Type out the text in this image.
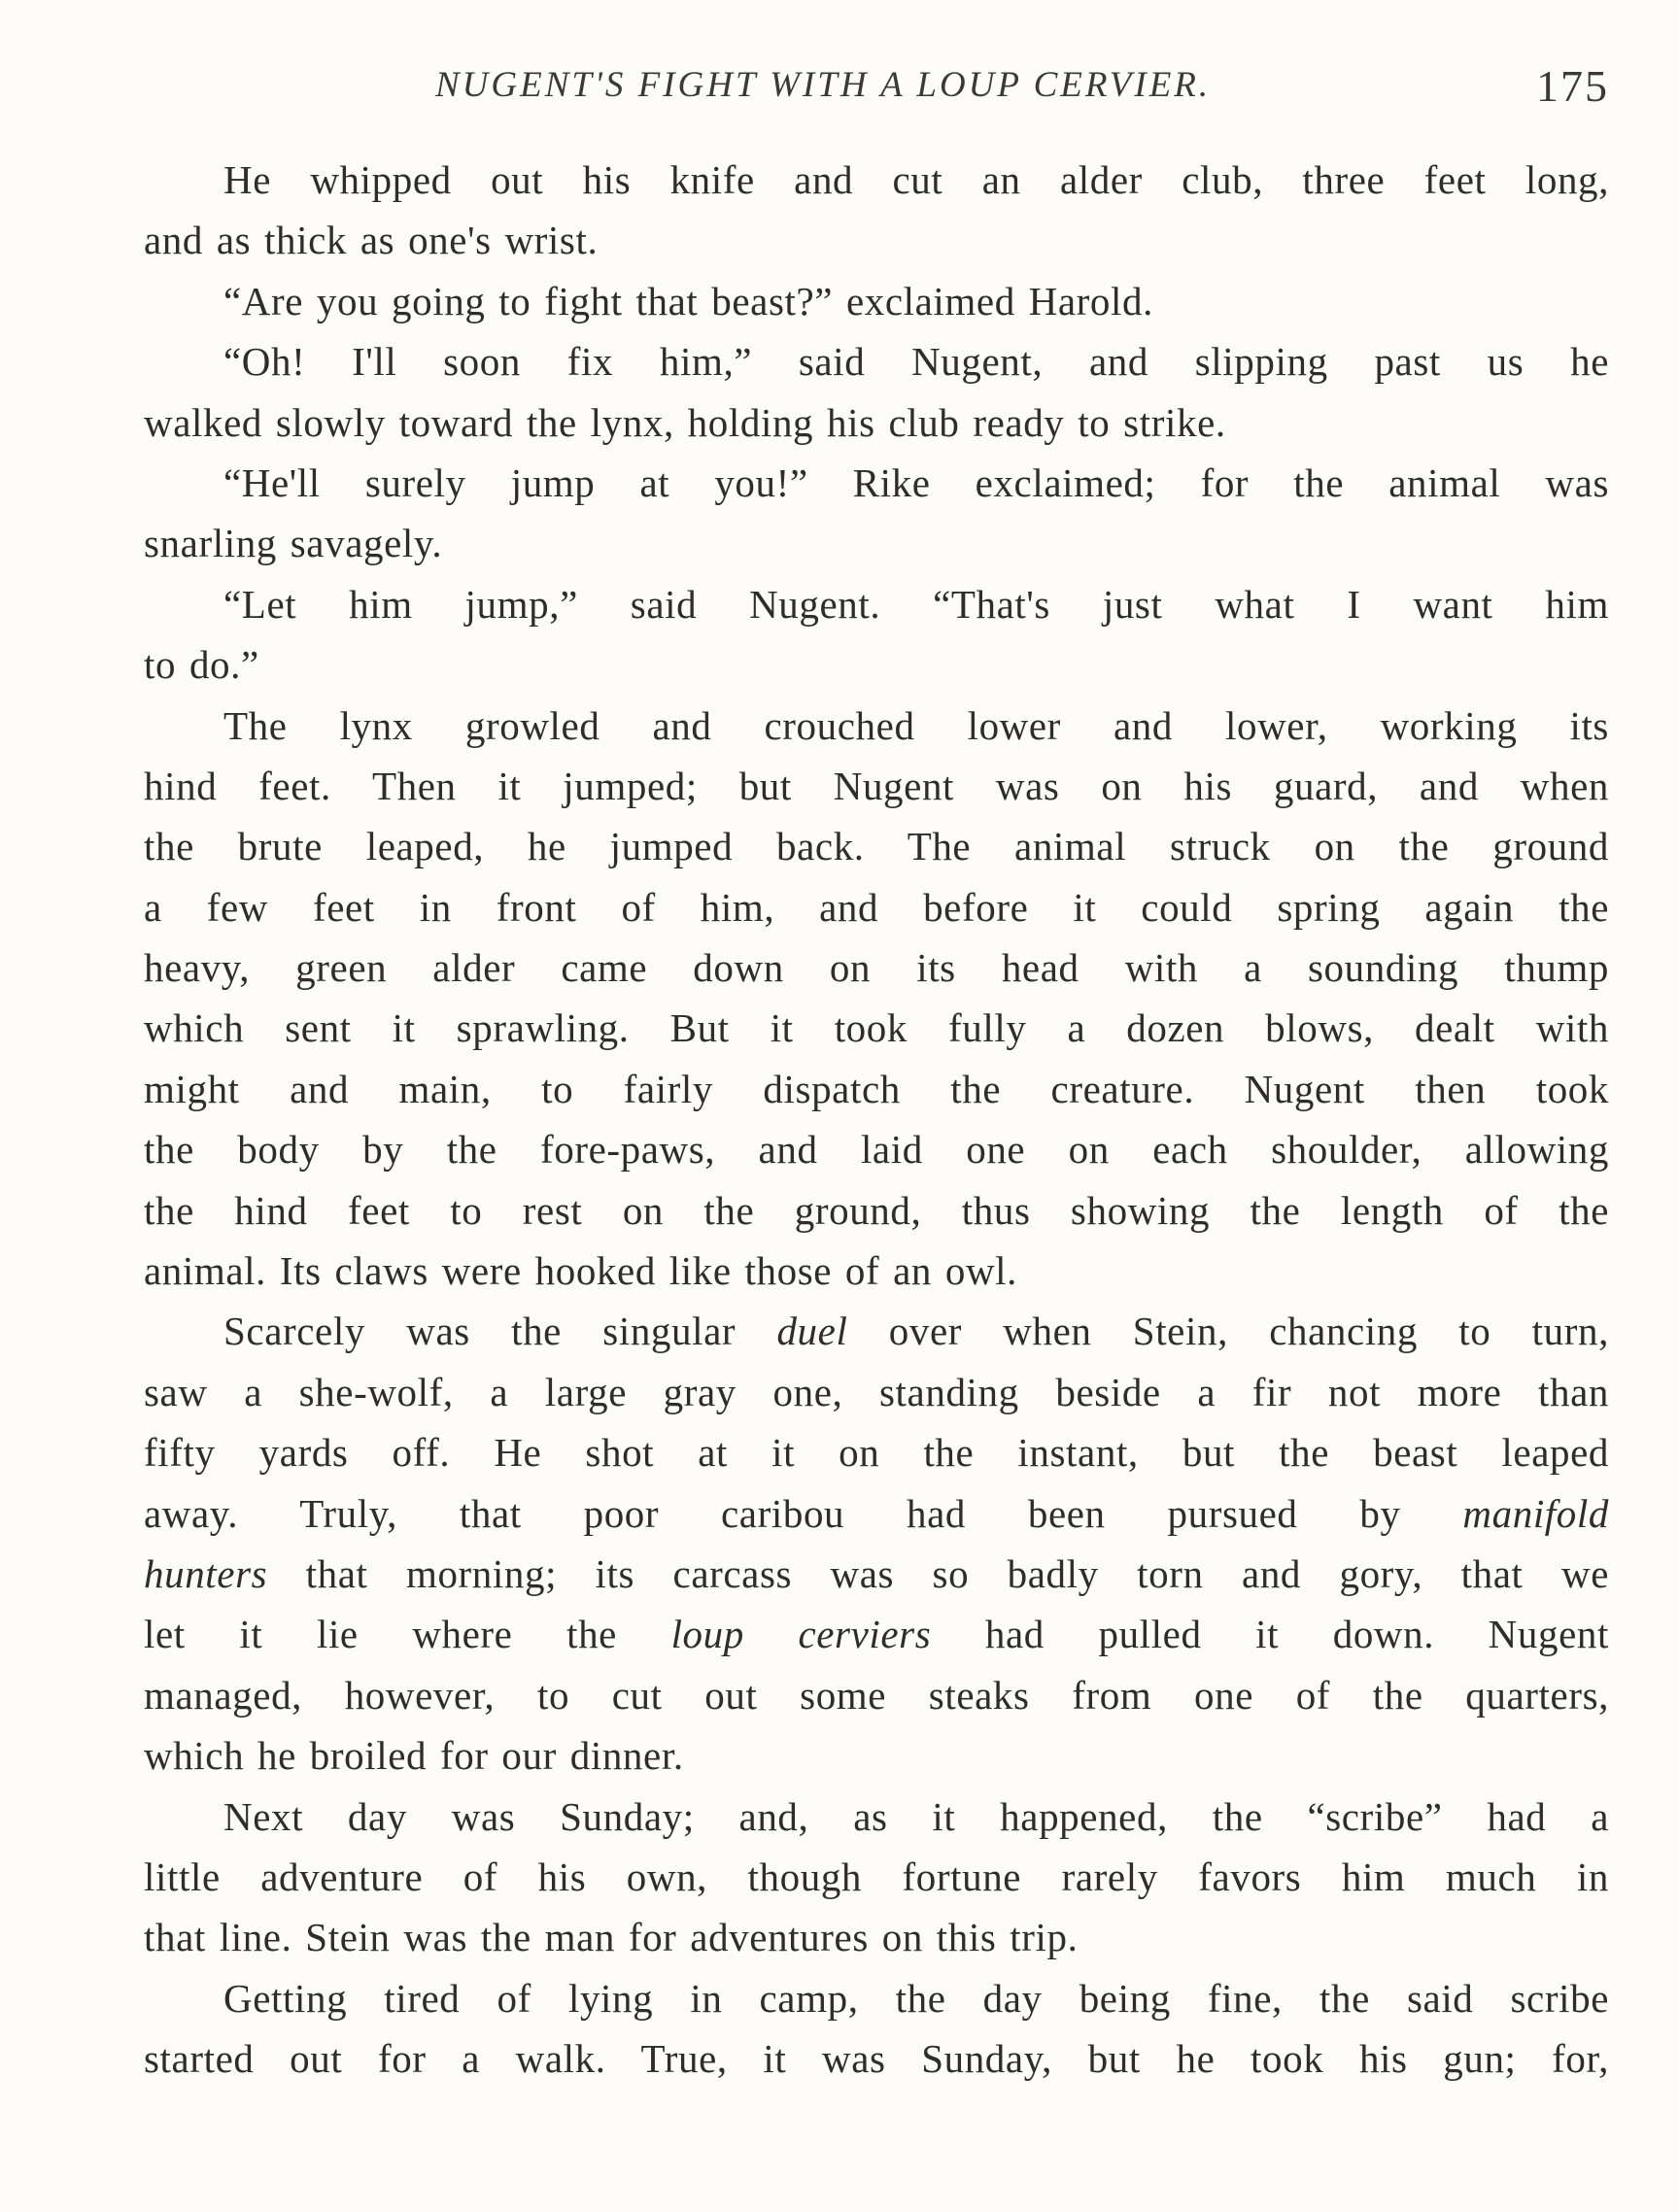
NUGENT'S FIGHT WITH A LOUP CERVIER.	175
He whipped out his knife and cut an alder club, three feet long,
and as thick as one's wrist.
“Are you going to fight that beast?” exclaimed Harold.
“Oh! I'll soon fix him,” said Nugent, and slipping past us he
walked slowly toward the lynx, holding his club ready to strike.
“He'll surely jump at you!” Rike exclaimed; for the animal was
snarling savagely.
“Let him jump,” said Nugent. “That's just what I want him
to do.”
The lynx growled and crouched lower and lower, working its
hind feet. Then it jumped; but Nugent was on his guard, and when
the brute leaped, he jumped back. The animal struck on the ground
a few feet in front of him, and before it could spring again the
heavy, green alder came down on its head with a sounding thump
which sent it sprawling. But it took fully a dozen blows, dealt with
might and main, to fairly dispatch the creature. Nugent then took
the body by the fore-paws, and laid one on each shoulder, allowing
the hind feet to rest on the ground, thus showing the length of the
animal. Its claws were hooked like those of an owl.
Scarcely was the singular duel over when Stein, chancing to turn,
saw a she-wolf, a large gray one, standing beside a fir not more than
fifty yards off. He shot at it on the instant, but the beast leaped
away. Truly, that poor caribou had been pursued by manifold
hunters that morning; its carcass was so badly torn and gory, that we
let it lie where the loup cerviers had pulled it down. Nugent
managed, however, to cut out some steaks from one of the quarters,
which he broiled for our dinner.
Next day was Sunday; and, as it happened, the “scribe” had a
little adventure of his own, though fortune rarely favors him much in
that line. Stein was the man for adventures on this trip.
Getting tired of lying in camp, the day being fine, the said scribe
started out for a walk. True, it was Sunday, but he took his gun; for,
